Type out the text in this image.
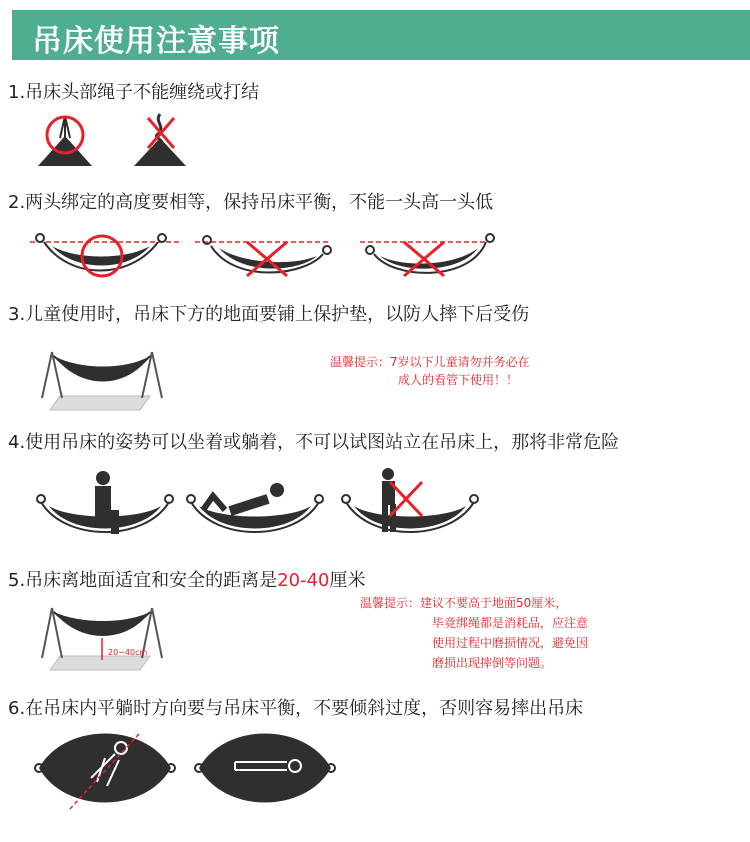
吊床使用注意事项
1.吊床头部绳子不能缠绕或打结
2.两头绑定的高度要相等，保持吊床平衡，不能一头高一头低
3.儿童使用时，吊床下方的地面要铺上保护垫，以防人摔下后受伤
温馨提示：7岁以下儿童请勿并务必在
成人的看管下使用！！
4.使用吊床的姿势可以坐着或躺着，不可以试图站立在吊床上，那将非常危险
5.吊床离地面适宜和安全的距离是20-40厘米
20~40cm
温馨提示：建议不要高于地面50厘米，
毕竟绑绳都是消耗品，应注意
使用过程中磨损情况，避免因
磨损出现摔倒等问题。
6.在吊床内平躺时方向要与吊床平衡，不要倾斜过度，否则容易摔出吊床
